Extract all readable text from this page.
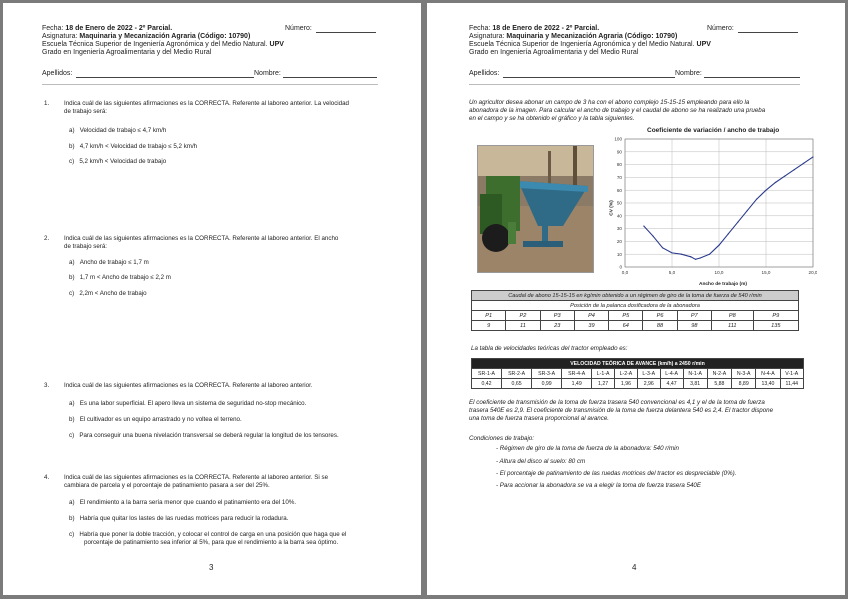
Fecha: 18 de Enero de 2022 - 2º Parcial.	Número:
Asignatura: Maquinaria y Mecanización Agraria (Código: 10790)
Escuela Técnica Superior de Ingeniería Agronómica y del Medio Natural. UPV
Grado en Ingeniería Agroalimentaria y del Medio Rural
Apellidos:	Nombre:
1. Indica cuál de las siguientes afirmaciones es la CORRECTA. Referente al laboreo anterior. La velocidad
de trabajo será:
a) Velocidad de trabajo ≤ 4,7 km/h
b) 4,7 km/h < Velocidad de trabajo ≤ 5,2 km/h
c) 5,2 km/h < Velocidad de trabajo
2. Indica cuál de las siguientes afirmaciones es la CORRECTA. Referente al laboreo anterior. El ancho
de trabajo será:
a) Ancho de trabajo ≤ 1,7 m
b) 1,7 m < Ancho de trabajo ≤ 2,2 m
c) 2,2m < Ancho de trabajo
3. Indica cuál de las siguientes afirmaciones es la CORRECTA. Referente al laboreo anterior.
a) Es una labor superficial. El apero lleva un sistema de seguridad no-stop mecánico.
b) El cultivador es un equipo arrastrado y no voltea el terreno.
c) Para conseguir una buena nivelación transversal se deberá regular la longitud de los tensores.
4. Indica cuál de las siguientes afirmaciones es la CORRECTA. Referente al laboreo anterior. Si se
cambiara de parcela y el porcentaje de patinamiento pasara a ser del 25%.
a) El rendimiento a la barra sería menor que cuando el patinamiento era del 10%.
b) Habría que quitar los lastes de las ruedas motrices para reducir la rodadura.
c) Habría que poner la doble tracción, y colocar el control de carga en una posición que haga que el
porcentaje de patinamiento sea inferior al 5%, para que el rendimiento a la barra sea óptimo.
3
Fecha: 18 de Enero de 2022 - 2º Parcial.	Número:
Asignatura: Maquinaria y Mecanización Agraria (Código: 10790)
Escuela Técnica Superior de Ingeniería Agronómica y del Medio Natural. UPV
Grado en Ingeniería Agroalimentaria y del Medio Rural
Apellidos:	Nombre:
Un agricultor desea abonar un campo de 3 ha con el abono complejo 15-15-15 empleando para ello la
abonadora de la imagen. Para calcular el ancho de trabajo y el caudal de abono se ha realizado una prueba
en el campo y se ha obtenido el gráfico y la tabla siguientes.
Coeficiente de variación / ancho de trabajo
0
10
20
30
40
50
60
70
80
90
100
0,0	5,0	10,0	15,0	20,0
Ancho de trabajo (m)
CV (%)
Caudal de abono 15-15-15 en kg/min obtenido a un régimen de giro de la toma de fuerza de 540 r/min								
Posición de la palanca dosificadora de la abonadora								
P1	P2	P3	P4	P5	P6	P7	P8	P9
9	11	23	39	64	88	98	111	135
La tabla de velocidades teóricas del tractor empleado es:
VELOCIDAD TEÓRICA DE AVANCE (km/h) a 2450 r/min												
SR-1-A	SR-2-A	SR-3-A	SR-4-A	L-1-A	L-2-A	L-3-A	L-4-A	N-1-A	N-2-A	N-3-A	N-4-A	V-1-A
0,42	0,65	0,99	1,49	1,27	1,96	2,96	4,47	3,81	5,88	8,89	13,40	11,44
El coeficiente de transmisión de la toma de fuerza trasera 540 convencional es 4,1 y el de la toma de fuerza
trasera 540E es 2,9. El coeficiente de transmisión de la toma de fuerza delantera 540 es 2,4. El tractor dispone
una toma de fuerza trasera proporcional al avance.
Condiciones de trabajo:
- Régimen de giro de la toma de fuerza de la abonadora: 540 r/min
- Altura del disco al suelo: 80 cm
- El porcentaje de patinamiento de las ruedas motrices del tractor es despreciable (0%).
- Para accionar la abonadora se va a elegir la toma de fuerza trasera 540E
4
